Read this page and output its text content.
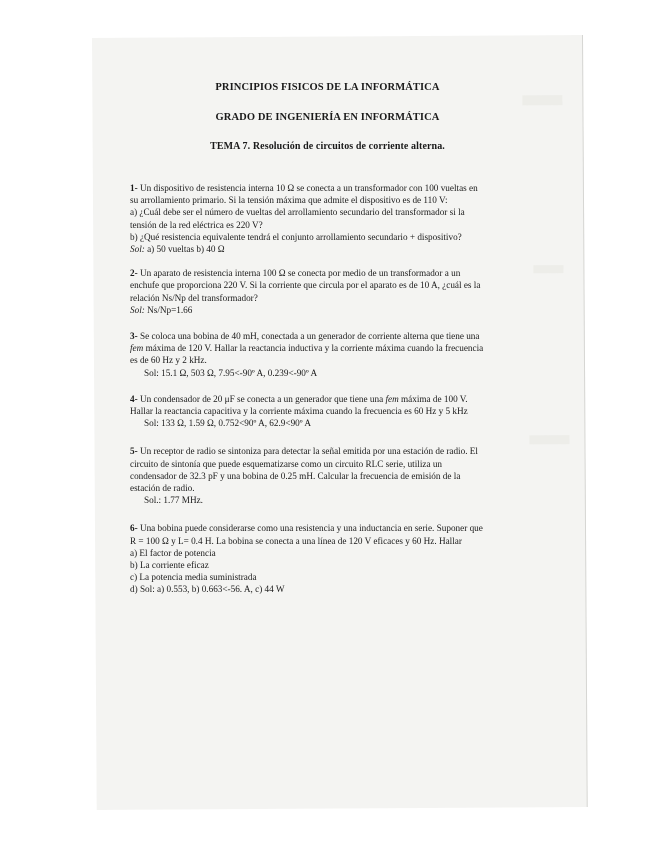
PRINCIPIOS FISICOS DE LA INFORMÁTICA
GRADO DE INGENIERÍA EN INFORMÁTICA
TEMA 7. Resolución de circuitos de corriente alterna.

1- Un dispositivo de resistencia interna 10 Ω se conecta a un transformador con 100 vueltas en su arrollamiento primario. Si la tensión máxima que admite el dispositivo es de 110 V:

a) ¿Cuál debe ser el número de vueltas del arrollamiento secundario del transformador si la tensión de la red eléctrica es 220 V?

b) ¿Qué resistencia equivalente tendrá el conjunto arrollamiento secundario + dispositivo?

Sol: a) 50 vueltas b) 40 Ω

2- Un aparato de resistencia interna 100 Ω se conecta por medio de un transformador a un enchufe que proporciona 220 V. Si la corriente que circula por el aparato es de 10 A, ¿cuál es la relación Ns/Np del transformador?

Sol: Ns/Np=1.66

3- Se coloca una bobina de 40 mH, conectada a un generador de corriente alterna que tiene una fem máxima de 120 V. Hallar la reactancia inductiva y la corriente máxima cuando la frecuencia es de 60 Hz y 2 kHz.

Sol: 15.1 Ω, 503 Ω, 7.95<-90º A, 0.239<-90º A

4- Un condensador de 20 μF se conecta a un generador que tiene una fem máxima de 100 V. Hallar la reactancia capacitiva y la corriente máxima cuando la frecuencia es 60 Hz y 5 kHz

Sol: 133 Ω, 1.59 Ω, 0.752<90º A, 62.9<90º A

5- Un receptor de radio se sintoniza para detectar la señal emitida por una estación de radio. El circuito de sintonía que puede esquematizarse como un circuito RLC serie, utiliza un condensador de 32.3 pF y una bobina de 0.25 mH. Calcular la frecuencia de emisión de la estación de radio.

Sol.: 1.77 MHz.

6- Una bobina puede considerarse como una resistencia y una inductancia en serie. Suponer que R = 100 Ω y L= 0.4 H. La bobina se conecta a una línea de 120 V eficaces y 60 Hz. Hallar

a) El factor de potencia

b) La corriente eficaz

c) La potencia media suministrada

d) Sol: a) 0.553, b) 0.663<-56. A, c) 44 W
